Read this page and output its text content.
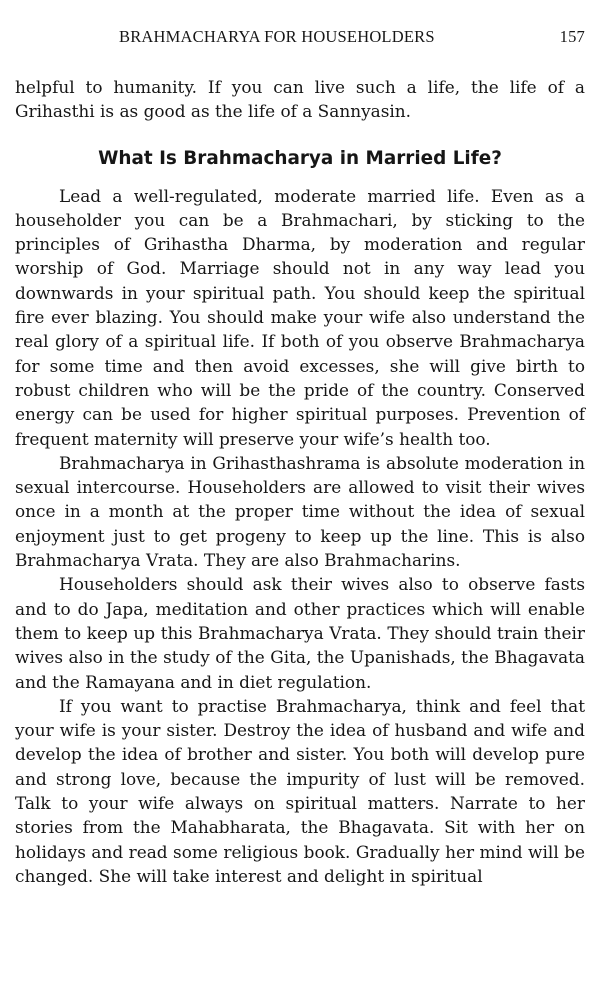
BRAHMACHARYA FOR HOUSEHOLDERS	157

helpful to humanity. If you can live such a life, the life of a Grihasthi is as good as the life of a Sannyasin.

What Is Brahmacharya in Married Life?

Lead a well-regulated, moderate married life. Even as a householder you can be a Brahmachari, by sticking to the principles of Grihastha Dharma, by moderation and regular worship of God. Marriage should not in any way lead you downwards in your spiritual path. You should keep the spiritual fire ever blazing. You should make your wife also understand the real glory of a spiritual life. If both of you observe Brahmacharya for some time and then avoid excesses, she will give birth to robust children who will be the pride of the country. Conserved energy can be used for higher spiritual purposes. Prevention of frequent maternity will preserve your wife’s health too.

Brahmacharya in Grihasthashrama is absolute moderation in sexual intercourse. Householders are allowed to visit their wives once in a month at the proper time without the idea of sexual enjoyment just to get progeny to keep up the line. This is also Brahmacharya Vrata. They are also Brahmacharins.

Householders should ask their wives also to observe fasts and to do Japa, meditation and other practices which will enable them to keep up this Brahmacharya Vrata. They should train their wives also in the study of the Gita, the Upanishads, the Bhagavata and the Ramayana and in diet regulation.

If you want to practise Brahmacharya, think and feel that your wife is your sister. Destroy the idea of husband and wife and develop the idea of brother and sister. You both will develop pure and strong love, because the impurity of lust will be removed. Talk to your wife always on spiritual matters. Narrate to her stories from the Mahabharata, the Bhagavata. Sit with her on holidays and read some religious book. Gradually her mind will be changed. She will take interest and delight in spiritual
